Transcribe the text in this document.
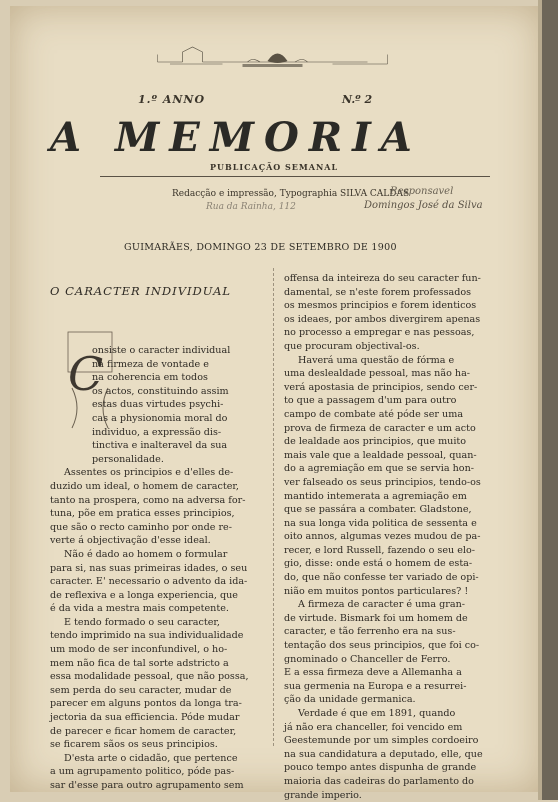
1.º ANNO	N.º 2
A MEMORIA
PUBLICAÇÃO SEMANAL
Redacção e impressão, Typographia SILVA CALDAS
Rua da Rainha, 112
Responsavel
Domingos José da Silva
GUIMARÃES, DOMINGO 23 DE SETEMBRO DE 1900
O CARACTER INDIVIDUAL
C

onsiste o caracter individual

na firmeza de vontade e

na coherencia em todos

os actos, constituindo assim

estas duas virtudes psychi-

cas a physionomia moral do

individuo, a expressão dis-

tinctiva e inalteravel da sua

personalidade.

Assentes os principios e d'elles de-

duzido um ideal, o homem de caracter,

tanto na prospera, como na adversa for-

tuna, põe em pratica esses principios,

que são o recto caminho por onde re-

verte á objectivação d'esse ideal.

Não é dado ao homem o formular

para si, nas suas primeiras idades, o seu

caracter. E' necessario o advento da ida-

de reflexiva e a longa experiencia, que

é da vida a mestra mais competente.

E tendo formado o seu caracter,

tendo imprimido na sua individualidade

um modo de ser inconfundivel, o ho-

mem não fica de tal sorte adstricto a

essa modalidade pessoal, que não possa,

sem perda do seu caracter, mudar de

parecer em alguns pontos da longa tra-

jectoria da sua efficiencia. Póde mudar

de parecer e ficar homem de caracter,

se ficarem sãos os seus principios.

D'esta arte o cidadão, que pertence

a um agrupamento politico, póde pas-

sar d'esse para outro agrupamento sem

offensa da inteireza do seu caracter fun-

damental, se n'este forem professados

os mesmos principios e forem identicos

os ideaes, por ambos divergirem apenas

no processo a empregar e nas pessoas,

que procuram objectival-os.

Haverá uma questão de fórma e

uma deslealdade pessoal, mas não ha-

verá apostasia de principios, sendo cer-

to que a passagem d'um para outro

campo de combate até póde ser uma

prova de firmeza de caracter e um acto

de lealdade aos principios, que muito

mais vale que a lealdade pessoal, quan-

do a agremiação em que se servia hon-

ver falseado os seus principios, tendo-os

mantido intemerata a agremiação em

que se passára a combater. Gladstone,

na sua longa vida politica de sessenta e

oito annos, algumas vezes mudou de pa-

recer, e lord Russell, fazendo o seu elo-

gio, disse: onde está o homem de esta-

do, que não confesse ter variado de opi-

nião em muitos pontos particulares? !

A firmeza de caracter é uma gran-

de virtude. Bismark foi um homem de

caracter, e tão ferrenho era na sus-

tentação dos seus principios, que foi co-

gnominado o Chanceller de Ferro.

E a essa firmeza deve a Allemanha a

sua germenia na Europa e a resurrei-

ção da unidade germanica.

Verdade é que em 1891, quando

já não era chanceller, foi vencido em

Geestemunde por um simples cordoeiro

na sua candidatura a deputado, elle, que

pouco tempo antes dispunha de grande

maioria das cadeiras do parlamento do

grande imperio.
